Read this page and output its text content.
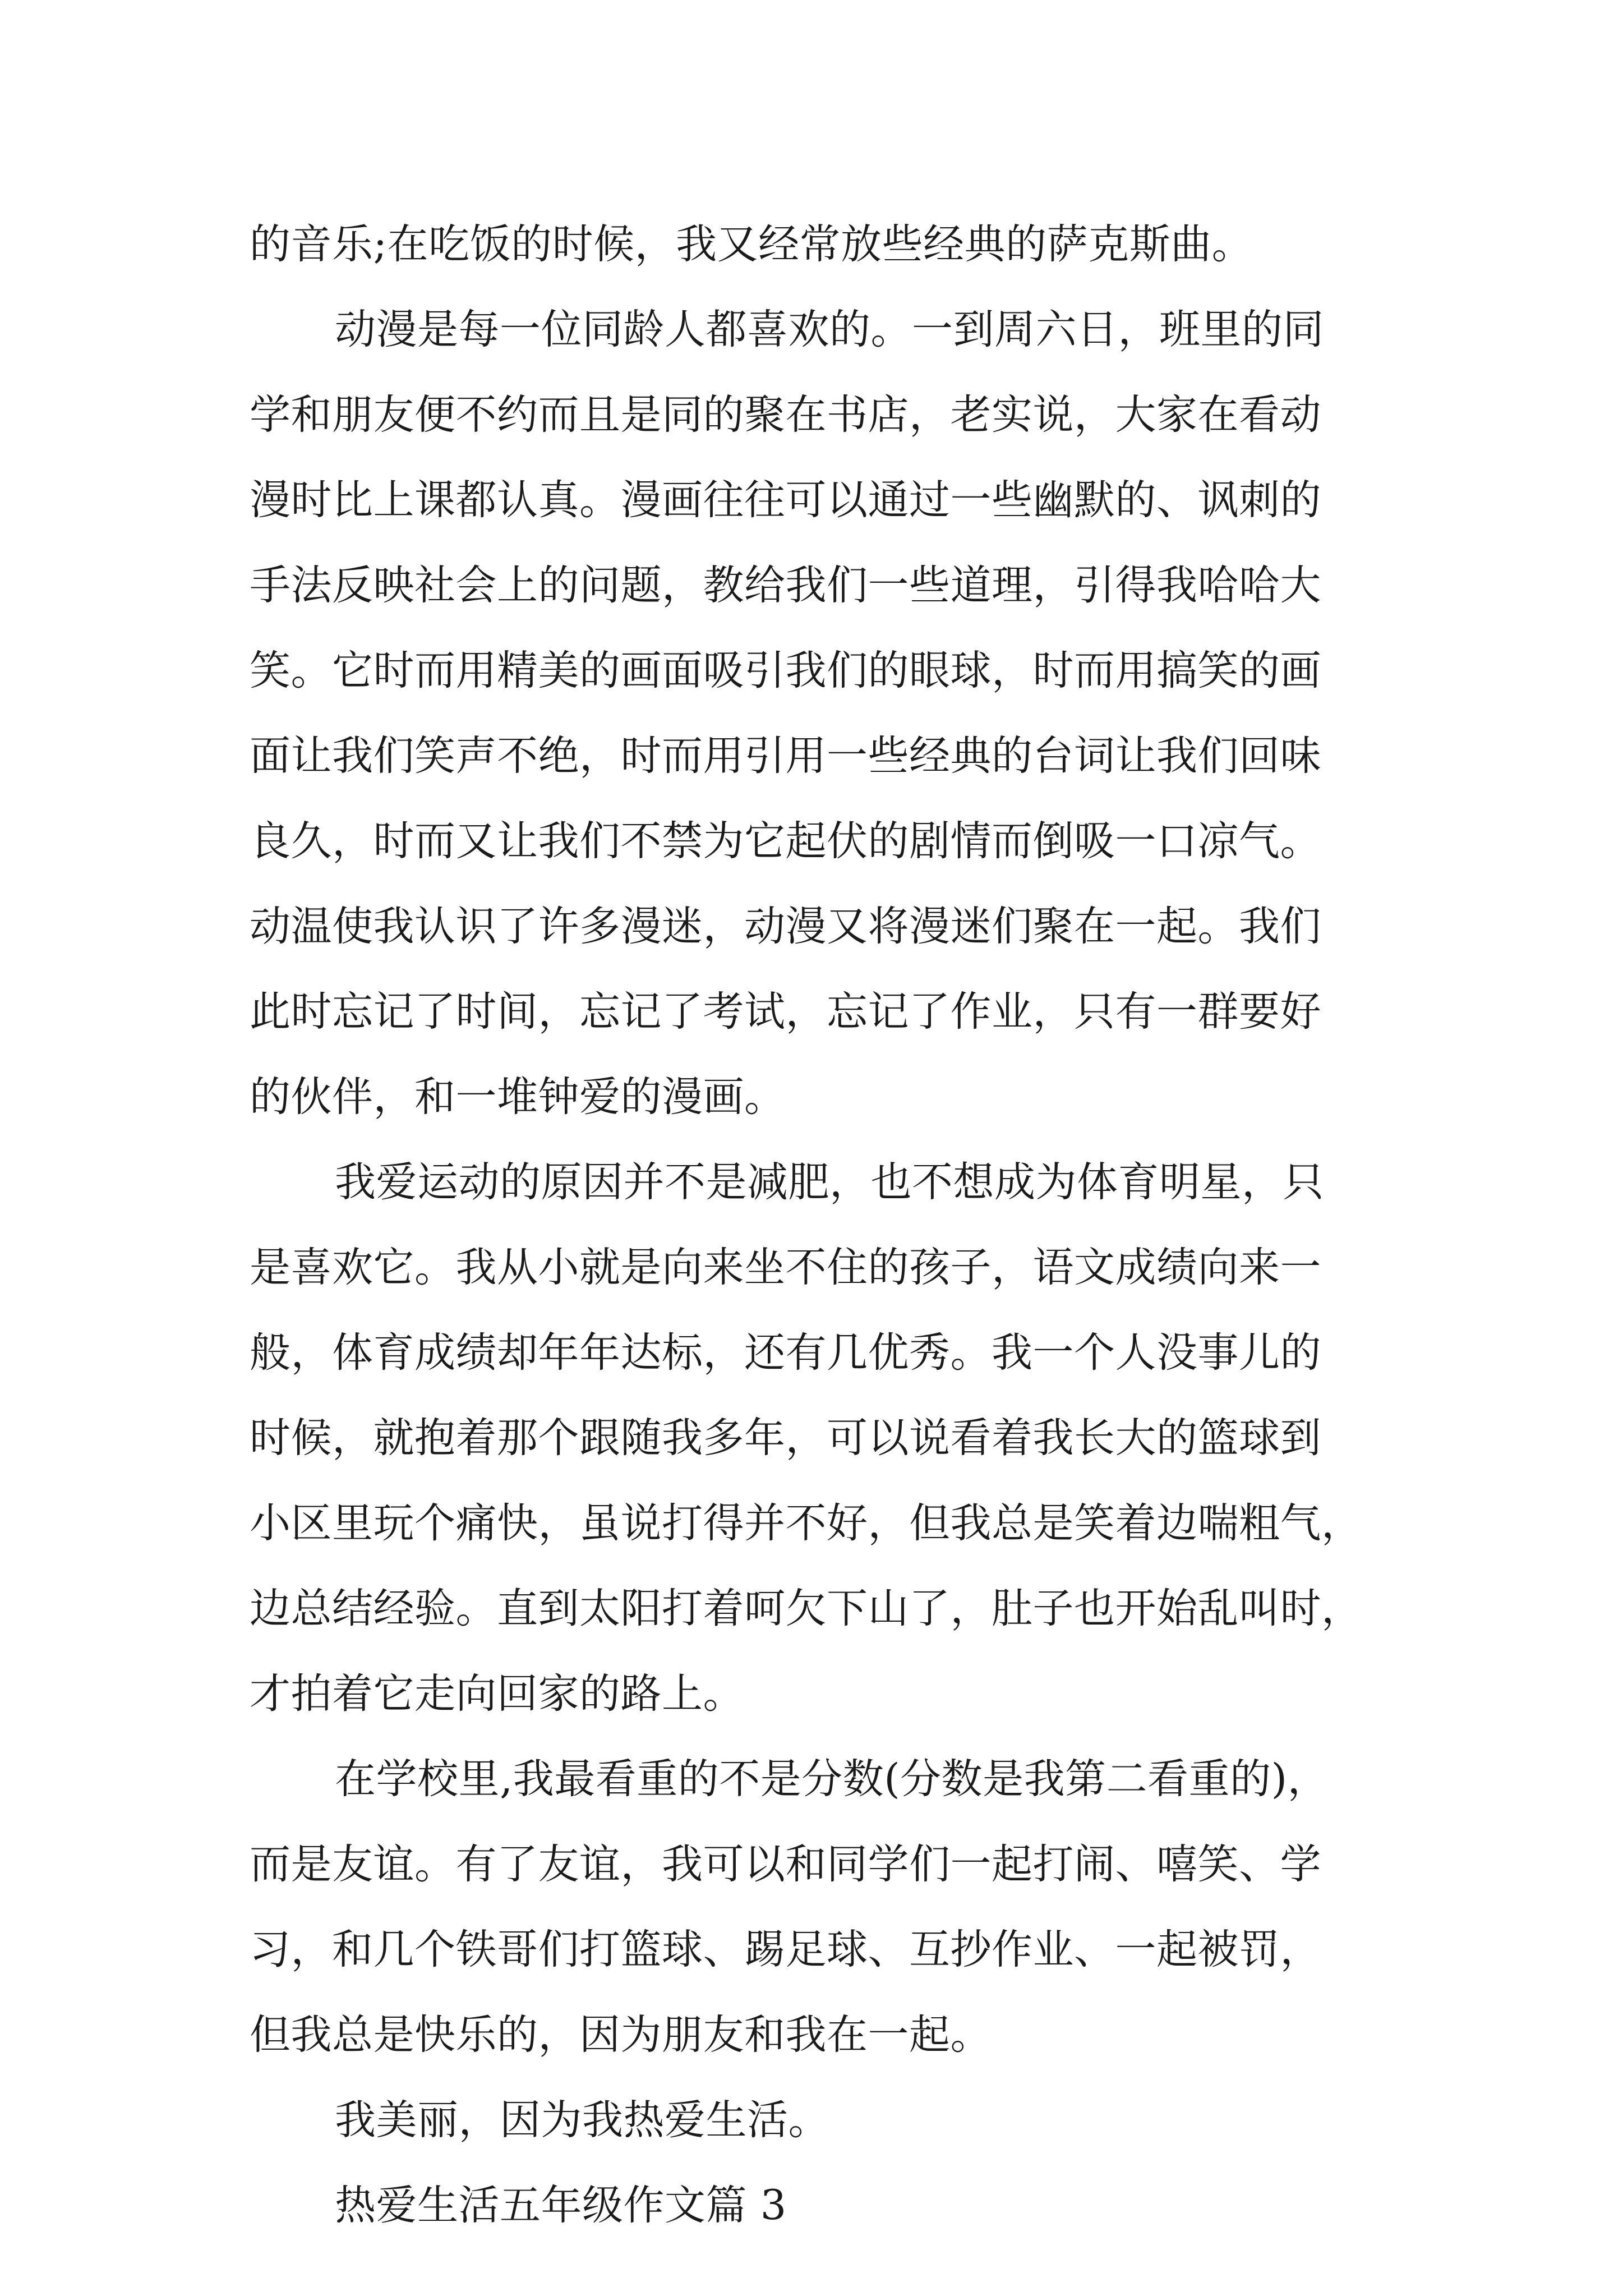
的音乐;在吃饭的时候，我又经常放些经典的萨克斯曲。
动漫是每一位同龄人都喜欢的。一到周六日，班里的同
学和朋友便不约而且是同的聚在书店，老实说，大家在看动
漫时比上课都认真。漫画往往可以通过一些幽默的、讽刺的
手法反映社会上的问题，教给我们一些道理，引得我哈哈大
笑。它时而用精美的画面吸引我们的眼球，时而用搞笑的画
面让我们笑声不绝，时而用引用一些经典的台词让我们回味
良久，时而又让我们不禁为它起伏的剧情而倒吸一口凉气。
动温使我认识了许多漫迷，动漫又将漫迷们聚在一起。我们
此时忘记了时间，忘记了考试，忘记了作业，只有一群要好
的伙伴，和一堆钟爱的漫画。
我爱运动的原因并不是减肥，也不想成为体育明星，只
是喜欢它。我从小就是向来坐不住的孩子，语文成绩向来一
般，体育成绩却年年达标，还有几优秀。我一个人没事儿的
时候，就抱着那个跟随我多年，可以说看着我长大的篮球到
小区里玩个痛快，虽说打得并不好，但我总是笑着边喘粗气，
边总结经验。直到太阳打着呵欠下山了，肚子也开始乱叫时，
才拍着它走向回家的路上。
在学校里,我最看重的不是分数(分数是我第二看重的)，
而是友谊。有了友谊，我可以和同学们一起打闹、嘻笑、学
习，和几个铁哥们打篮球、踢足球、互抄作业、一起被罚，
但我总是快乐的，因为朋友和我在一起。
我美丽，因为我热爱生活。
热爱生活五年级作文篇 3
